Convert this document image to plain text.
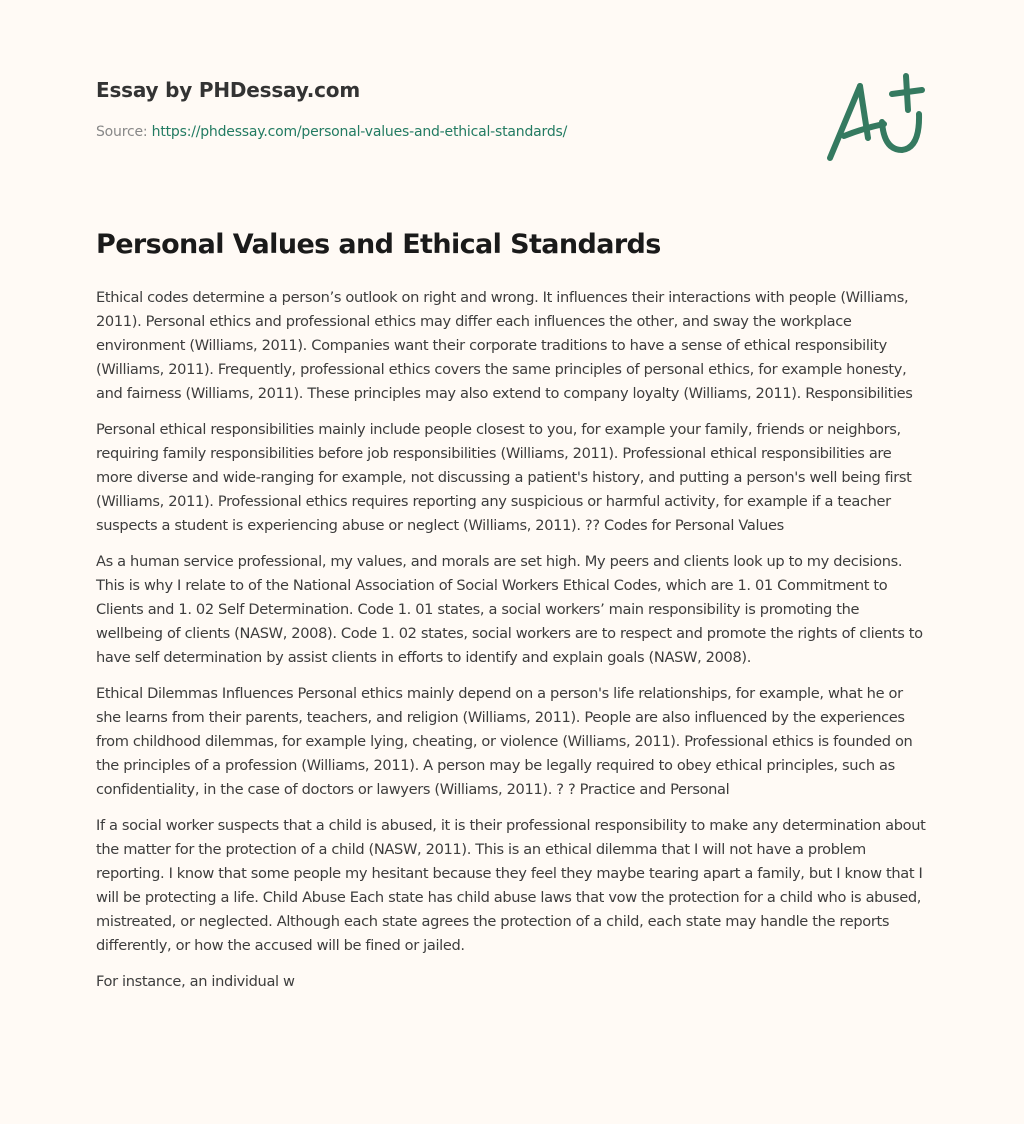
Essay by PHDessay.com
Source: https://phdessay.com/personal-values-and-ethical-standards/
Personal Values and Ethical Standards

Ethical codes determine a person’s outlook on right and wrong. It influences their interactions with people (Williams, 2011). Personal ethics and professional ethics may differ each influences the other, and sway the workplace environment (Williams, 2011). Companies want their corporate traditions to have a sense of ethical responsibility (Williams, 2011). Frequently, professional ethics covers the same principles of personal ethics, for example honesty, and fairness (Williams, 2011). These principles may also extend to company loyalty (Williams, 2011). Responsibilities

Personal ethical responsibilities mainly include people closest to you, for example your family, friends or neighbors, requiring family responsibilities before job responsibilities (Williams, 2011). Professional ethical responsibilities are more diverse and wide-ranging for example, not discussing a patient's history, and putting a person's well being first (Williams, 2011). Professional ethics requires reporting any suspicious or harmful activity, for example if a teacher suspects a student is experiencing abuse or neglect (Williams, 2011). ?? Codes for Personal Values

As a human service professional, my values, and morals are set high. My peers and clients look up to my decisions. This is why I relate to of the National Association of Social Workers Ethical Codes, which are 1. 01 Commitment to Clients and 1. 02 Self Determination. Code 1. 01 states, a social workers’ main responsibility is promoting the wellbeing of clients (NASW, 2008). Code 1. 02 states, social workers are to respect and promote the rights of clients to have self determination by assist clients in efforts to identify and explain goals (NASW, 2008).

Ethical Dilemmas Influences Personal ethics mainly depend on a person's life relationships, for example, what he or she learns from their parents, teachers, and religion (Williams, 2011). People are also influenced by the experiences from childhood dilemmas, for example lying, cheating, or violence (Williams, 2011). Professional ethics is founded on the principles of a profession (Williams, 2011). A person may be legally required to obey ethical principles, such as confidentiality, in the case of doctors or lawyers (Williams, 2011). ? ? Practice and Personal

If a social worker suspects that a child is abused, it is their professional responsibility to make any determination about the matter for the protection of a child (NASW, 2011). This is an ethical dilemma that I will not have a problem reporting. I know that some people my hesitant because they feel they maybe tearing apart a family, but I know that I will be protecting a life. Child Abuse Each state has child abuse laws that vow the protection for a child who is abused, mistreated, or neglected. Although each state agrees the protection of a child, each state may handle the reports differently, or how the accused will be fined or jailed.

For instance, an individual w
